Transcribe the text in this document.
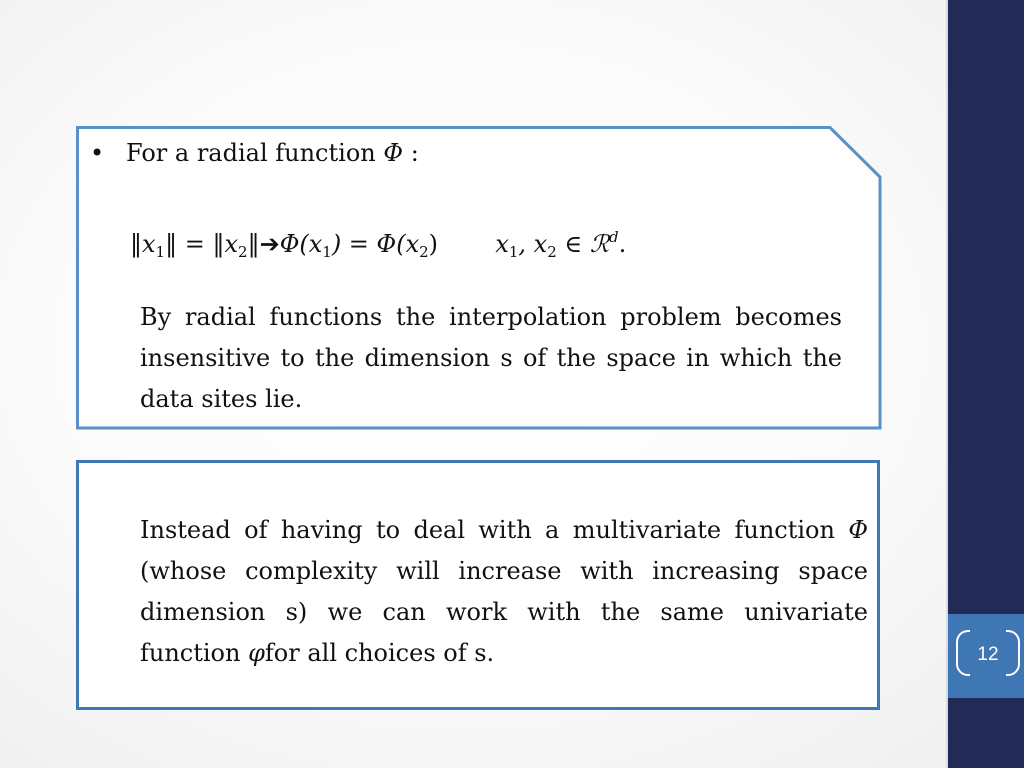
12
• For a radial function Φ :
$‖x_1‖$ = $‖x_2‖➔\Phi(x_1) = \Phi(x_2)$ $x_1$, $x_2$ ∈ ℛ$^d$.
By radial functions the interpolation problem becomes insensitive to the dimension s of the space in which the data sites lie.
Instead of having to deal with a multivariate function Φ (whose complexity will increase with increasing space dimension s) we can work with the same univariate function φfor all choices of s.
